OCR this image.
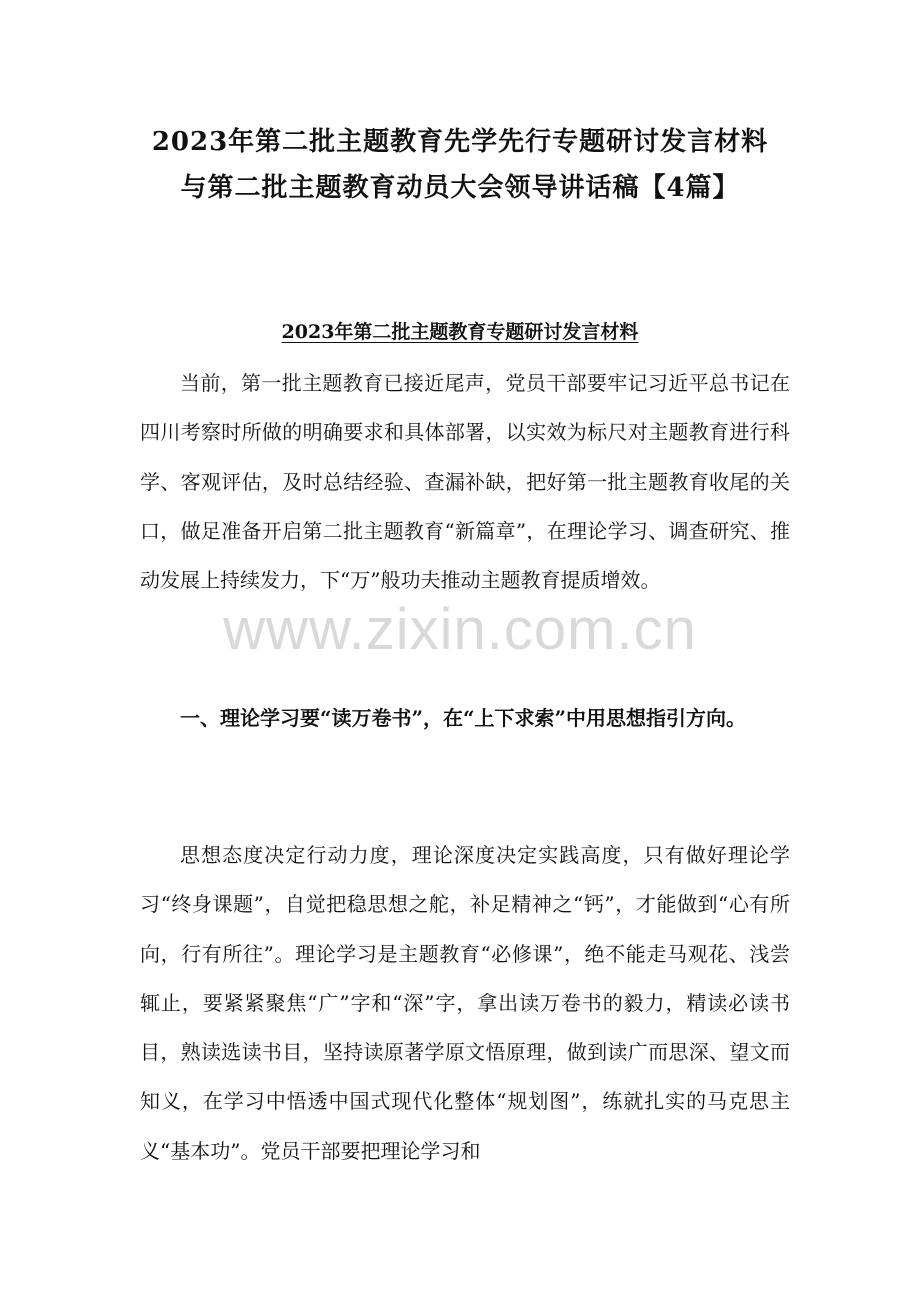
2023年第二批主题教育先学先行专题研讨发言材料
与第二批主题教育动员大会领导讲话稿【4篇】
2023年第二批主题教育专题研讨发言材料

当前，第一批主题教育已接近尾声，党员干部要牢记习近平总书记在四川考察时所做的明确要求和具体部署，以实效为标尺对主题教育进行科学、客观评估，及时总结经验、查漏补缺，把好第一批主题教育收尾的关口，做足准备开启第二批主题教育“新篇章”，在理论学习、调查研究、推动发展上持续发力，下“万”般功夫推动主题教育提质增效。

www.zixin.com.cn

一、理论学习要“读万卷书”，在“上下求索”中用思想指引方向。

思想态度决定行动力度，理论深度决定实践高度，只有做好理论学习“终身课题”，自觉把稳思想之舵，补足精神之“钙”，才能做到“心有所向，行有所往”。理论学习是主题教育“必修课”，绝不能走马观花、浅尝辄止，要紧紧聚焦“广”字和“深”字，拿出读万卷书的毅力，精读必读书目，熟读选读书目，坚持读原著学原文悟原理，做到读广而思深、望文而知义，在学习中悟透中国式现代化整体“规划图”，练就扎实的马克思主义“基本功”。党员干部要把理论学习和
